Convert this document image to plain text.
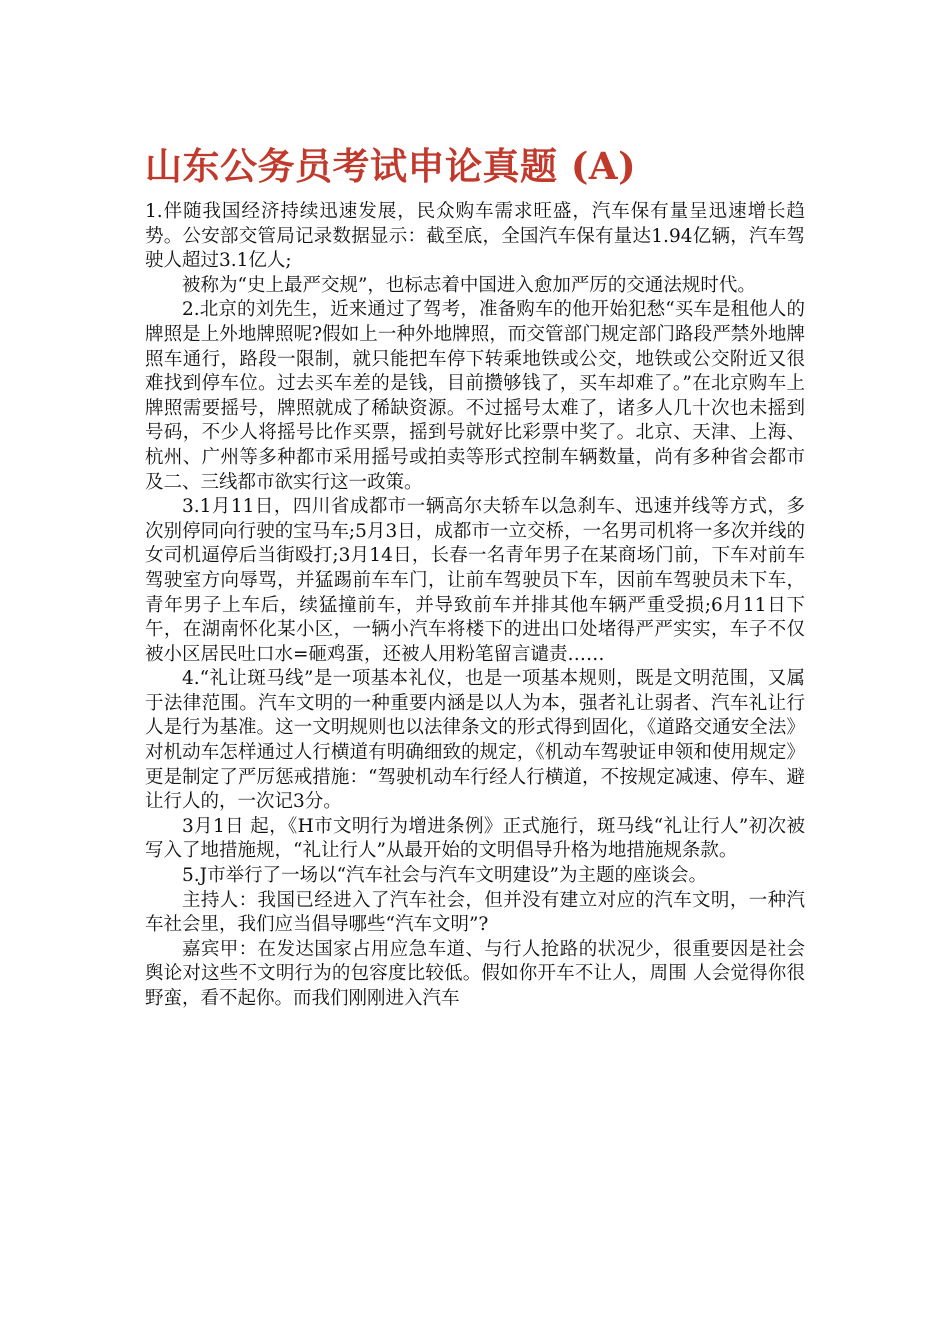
山东公务员考试申论真题 (A)

1.伴随我国经济持续迅速发展，民众购车需求旺盛，汽车保有量呈迅速增长趋势。公安部交管局记录数据显示：截至底，全国汽车保有量达1.94亿辆，汽车驾驶人超过3.1亿人;

被称为“史上最严交规”，也标志着中国进入愈加严厉的交通法规时代。

2.北京的刘先生，近来通过了驾考，准备购车的他开始犯愁“买车是租他人的牌照是上外地牌照呢?假如上一种外地牌照，而交管部门规定部门路段严禁外地牌照车通行，路段一限制，就只能把车停下转乘地铁或公交，地铁或公交附近又很难找到停车位。过去买车差的是钱，目前攒够钱了，买车却难了。”在北京购车上牌照需要摇号，牌照就成了稀缺资源。不过摇号太难了，诸多人几十次也未摇到号码，不少人将摇号比作买票，摇到号就好比彩票中奖了。北京、天津、上海、杭州、广州等多种都市采用摇号或拍卖等形式控制车辆数量，尚有多种省会都市及二、三线都市欲实行这一政策。

3.1月11日，四川省成都市一辆高尔夫轿车以急刹车、迅速并线等方式，多次别停同向行驶的宝马车;5月3日，成都市一立交桥，一名男司机将一多次并线的女司机逼停后当街殴打;3月14日，长春一名青年男子在某商场门前，下车对前车驾驶室方向辱骂，并猛踢前车车门，让前车驾驶员下车，因前车驾驶员未下车，青年男子上车后，续猛撞前车，并导致前车并排其他车辆严重受损;6月11日下午，在湖南怀化某小区，一辆小汽车将楼下的进出口处堵得严严实实，车子不仅被小区居民吐口水=砸鸡蛋，还被人用粉笔留言谴责……

4.“礼让斑马线”是一项基本礼仪，也是一项基本规则，既是文明范围，又属于法律范围。汽车文明的一种重要内涵是以人为本，强者礼让弱者、汽车礼让行人是行为基准。这一文明规则也以法律条文的形式得到固化，《道路交通安全法》对机动车怎样通过人行横道有明确细致的规定，《机动车驾驶证申领和使用规定》更是制定了严厉惩戒措施：“驾驶机动车行经人行横道，不按规定减速、停车、避让行人的，一次记3分。

3月1日 起，《H市文明行为增进条例》正式施行，斑马线“礼让行人”初次被写入了地措施规，“礼让行人”从最开始的文明倡导升格为地措施规条款。

5.J市举行了一场以“汽车社会与汽车文明建设”为主题的座谈会。

主持人：我国已经进入了汽车社会，但并没有建立对应的汽车文明，一种汽车社会里，我们应当倡导哪些“汽车文明”?

嘉宾甲：在发达国家占用应急车道、与行人抢路的状况少，很重要因是社会舆论对这些不文明行为的包容度比较低。假如你开车不让人，周围 人会觉得你很野蛮，看不起你。而我们刚刚进入汽车
